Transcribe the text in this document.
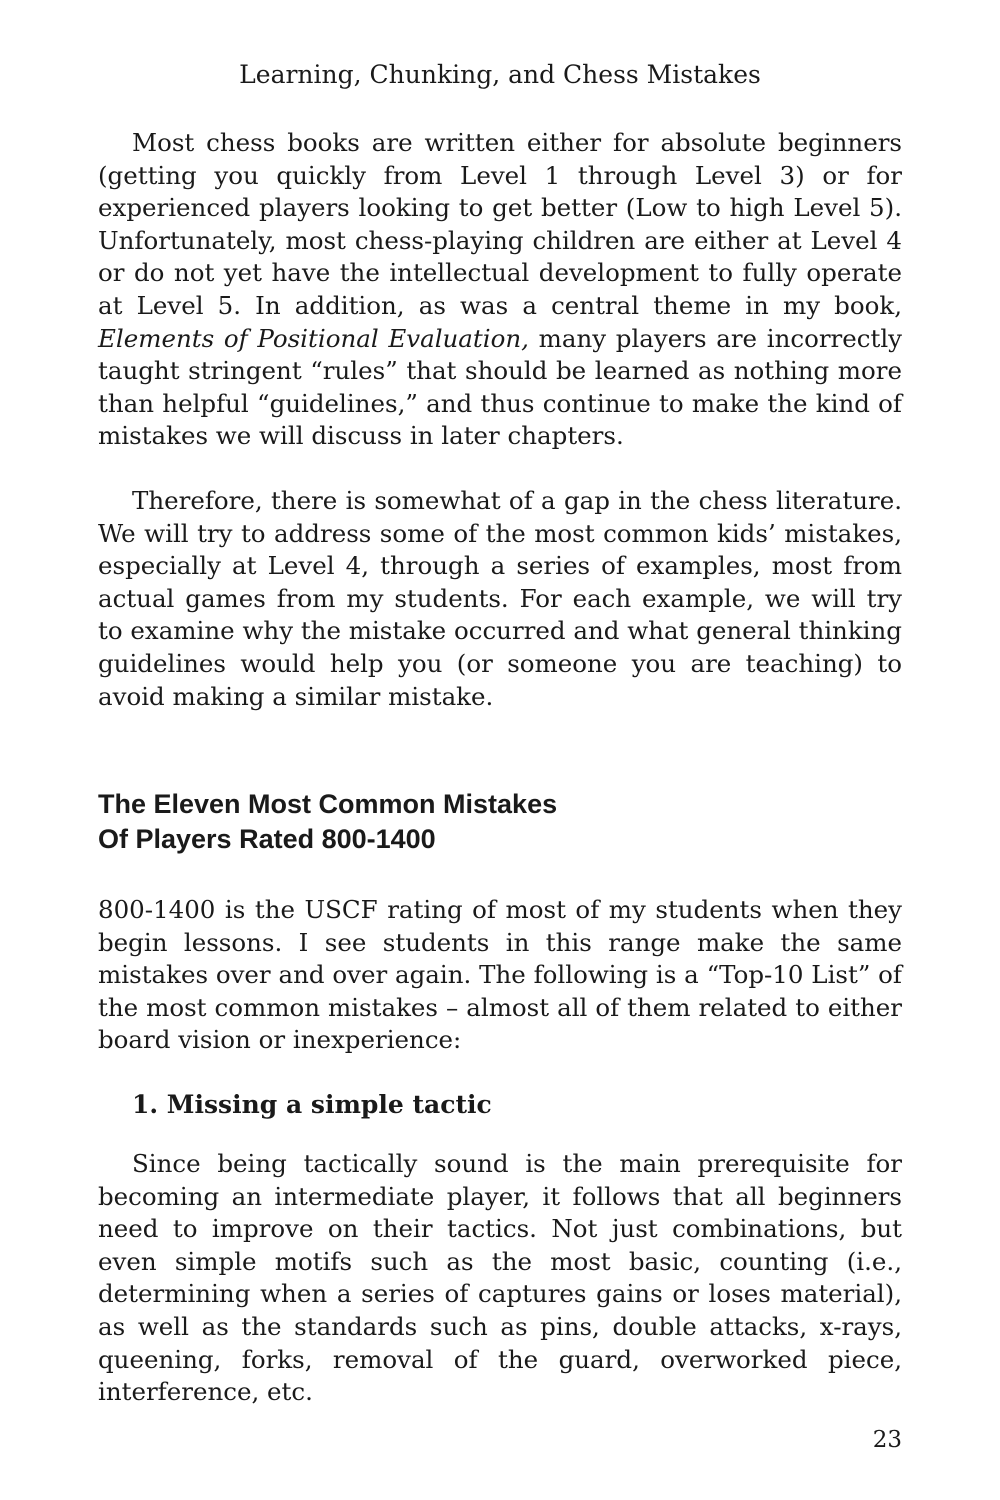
Learning, Chunking, and Chess Mistakes

Most chess books are written either for absolute beginners (getting you quickly from Level 1 through Level 3) or for experienced players looking to get better (Low to high Level 5). Unfortunately, most chess-playing children are either at Level 4 or do not yet have the intellectual development to fully operate at Level 5. In addition, as was a central theme in my book, Elements of Positional Evaluation, many players are incorrectly taught stringent “rules” that should be learned as nothing more than helpful “guidelines,” and thus continue to make the kind of mistakes we will discuss in later chapters.

Therefore, there is somewhat of a gap in the chess literature. We will try to address some of the most common kids’ mistakes, especially at Level 4, through a series of examples, most from actual games from my students. For each example, we will try to examine why the mistake occurred and what general thinking guidelines would help you (or someone you are teaching) to avoid making a similar mistake.

The Eleven Most Common Mistakes
Of Players Rated 800-1400

800-1400 is the USCF rating of most of my students when they begin lessons. I see students in this range make the same mistakes over and over again. The following is a “Top-10 List” of the most common mistakes – almost all of them related to either board vision or inexperience:

1. Missing a simple tactic

Since being tactically sound is the main prerequisite for becoming an intermediate player, it follows that all beginners need to improve on their tactics. Not just combinations, but even simple motifs such as the most basic, counting (i.e., determining when a series of captures gains or loses material), as well as the standards such as pins, double attacks, x-rays, queening, forks, removal of the guard, overworked piece, interference, etc.

23
